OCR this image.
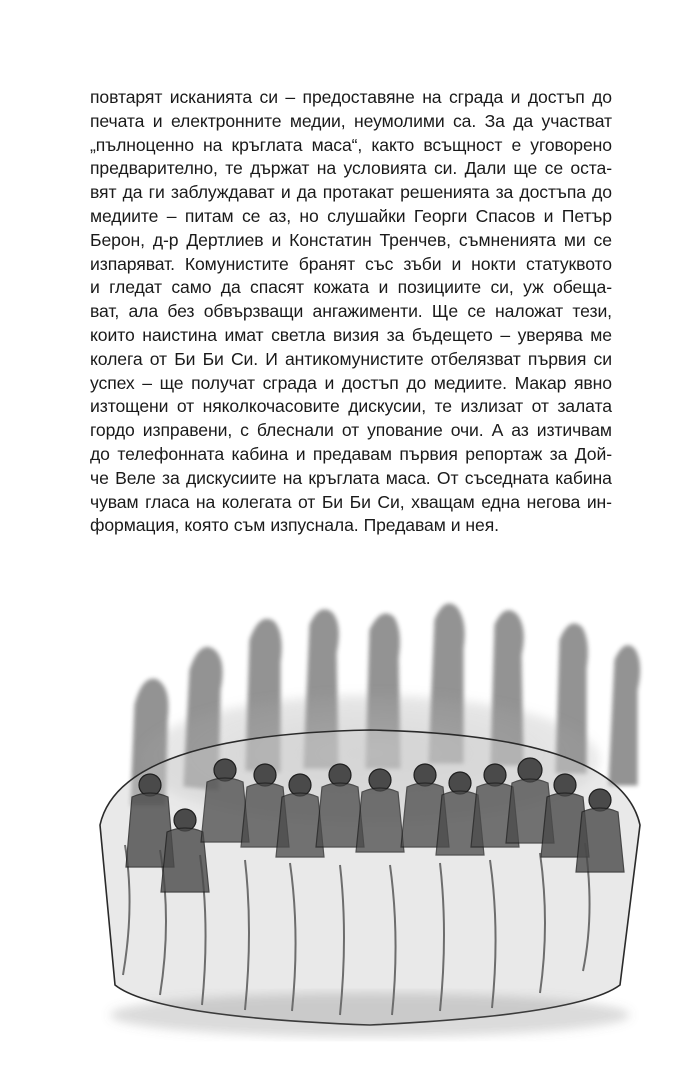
повтарят исканията си – предоставяне на сграда и достъп до
печата и електронните медии, неумолими са. За да участват
„пълноценно на кръглата маса“, както всъщност е уговорено
предварително, те държат на условията си. Дали ще се оста-
вят да ги заблуждават и да протакат решенията за достъпа до
медиите – питам се аз, но слушайки Георги Спасов и Петър
Берон, д-р Дертлиев и Констатин Тренчев, съмненията ми се
изпаряват. Комунистите бранят със зъби и нокти статуквото
и гледат само да спасят кожата и позициите си, уж обеща-
ват, ала без обвързващи ангажименти. Ще се наложат тези,
които наистина имат светла визия за бъдещето – уверява ме
колега от Би Би Си. И антикомунистите отбелязват първия си
успех – ще получат сграда и достъп до медиите. Макар явно
изтощени от няколкочасовите дискусии, те излизат от залата
гордо изправени, с блеснали от упование очи. А аз изтичвам
до телефонната кабина и предавам първия репортаж за Дой-
че Веле за дискусиите на кръглата маса. От съседната кабина
чувам гласа на колегата от Би Би Си, хващам една негова ин-
формация, която съм изпуснала. Предавам и нея.
